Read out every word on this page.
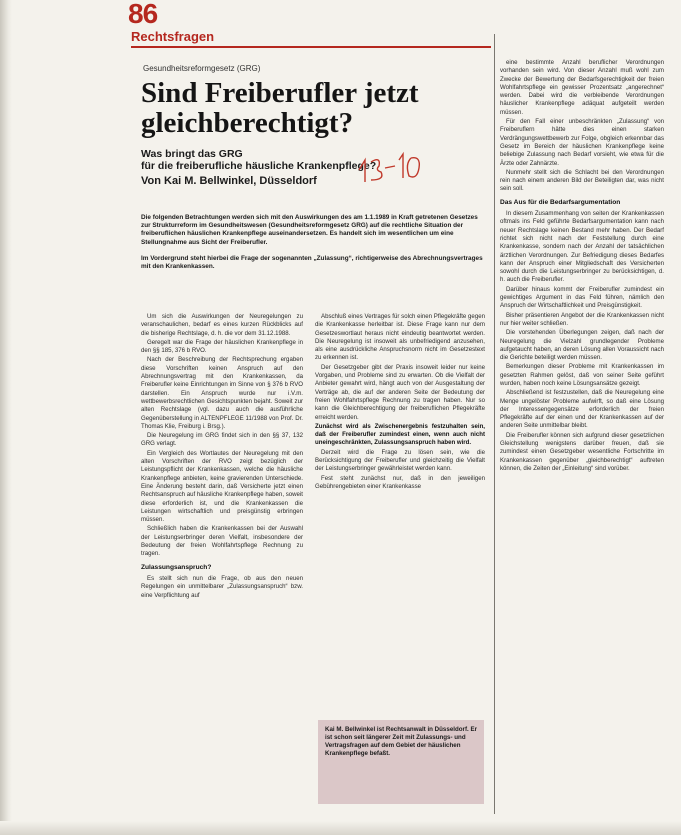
86
Rechtsfragen
Gesundheitsreformgesetz (GRG)
Sind Freiberufler jetzt gleichberechtigt?
Was bringt das GRG
für die freiberufliche häusliche Krankenpflege?
Von Kai M. Bellwinkel, Düsseldorf

Die folgenden Betrachtungen werden sich mit den Auswirkungen des am 1.1.1989 in Kraft getretenen Gesetzes zur Strukturreform im Gesundheitswesen (Gesundheitsreformgesetz GRG) auf die rechtliche Situation der freiberuflichen häuslichen Krankenpflege auseinandersetzen. Es handelt sich im wesentlichen um eine Stellungnahme aus Sicht der Freiberufler.

Im Vordergrund steht hierbei die Frage der sogenannten „Zulassung“, richtigerweise des Abrechnungsvertrages mit den Krankenkassen.

Um sich die Auswirkungen der Neuregelungen zu veranschaulichen, bedarf es eines kurzen Rückblicks auf die bisherige Rechtslage, d. h. die vor dem 31.12.1988.

Geregelt war die Frage der häuslichen Krankenpflege in den §§ 185, 376 b RVO.

Nach der Beschreibung der Rechtsprechung ergaben diese Vorschriften keinen Anspruch auf den Abrechnungsvertrag mit den Krankenkassen, da Freiberufler keine Einrichtungen im Sinne von § 376 b RVO darstellen. Ein Anspruch wurde nur i.V.m. wettbewerbsrechtlichen Gesichtspunkten bejaht. Soweit zur alten Rechtslage (vgl. dazu auch die ausführliche Gegenüberstellung in ALTENPFLEGE 11/1988 von Prof. Dr. Thomas Klie, Freiburg i. Brsg.).

Die Neuregelung im GRG findet sich in den §§ 37, 132 GRG verlagt.

Ein Vergleich des Wortlautes der Neuregelung mit den alten Vorschriften der RVO zeigt bezüglich der Leistungspflicht der Krankenkassen, welche die häusliche Krankenpflege anbieten, keine gravierenden Unterschiede. Eine Änderung besteht darin, daß Versicherte jetzt einen Rechtsanspruch auf häusliche Krankenpflege haben, soweit diese erforderlich ist, und die Krankenkassen die Leistungen wirtschaftlich und preisgünstig erbringen müssen.

Schließlich haben die Krankenkassen bei der Auswahl der Leistungserbringer deren Vielfalt, insbesondere der Bedeutung der freien Wohlfahrtspflege Rechnung zu tragen.

Zulassungsanspruch?

Es stellt sich nun die Frage, ob aus den neuen Regelungen ein unmittelbarer „Zulassungsanspruch“ bzw. eine Verpflichtung auf

Abschluß eines Vertrages für solch einen Pflegekräfte gegen die Krankenkasse herleitbar ist. Diese Frage kann nur dem Gesetzeswortlaut heraus nicht eindeutig beantwortet werden. Die Neuregelung ist insoweit als unbefriedigend anzusehen, als eine ausdrückliche Anspruchsnorm nicht im Gesetzestext zu erkennen ist.

Der Gesetzgeber gibt der Praxis insoweit leider nur keine Vorgaben, und Probleme sind zu erwarten. Ob die Vielfalt der Anbieter gewahrt wird, hängt auch von der Ausgestaltung der Verträge ab, die auf der anderen Seite der Bedeutung der freien Wohlfahrtspflege Rechnung zu tragen haben. Nur so kann die Gleichberechtigung der freiberuflichen Pflegekräfte erreicht werden.

Zunächst wird als Zwischenergebnis festzuhalten sein, daß der Freiberufler zumindest einen, wenn auch nicht uneingeschränkten, Zulassungsanspruch haben wird.

Derzeit wird die Frage zu lösen sein, wie die Berücksichtigung der Freiberufler und gleichzeitig die Vielfalt der Leistungserbringer gewährleistet werden kann.

Fest steht zunächst nur, daß in den jeweiligen Gebührengebieten einer Krankenkasse

Kai M. Bellwinkel ist Rechtsanwalt in Düsseldorf. Er ist schon seit längerer Zeit mit Zulassungs- und Vertragsfragen auf dem Gebiet der häuslichen Krankenpflege befaßt.

eine bestimmte Anzahl beruflicher Verordnungen vorhanden sein wird. Von dieser Anzahl muß wohl zum Zwecke der Bewertung der Bedarfsgerechtigkeit der freien Wohlfahrtspflege ein gewisser Prozentsatz „angerechnet“ werden. Dabei wird die verbleibende Verordnungen häuslicher Krankenpflege adäquat aufgeteilt werden müssen.

Für den Fall einer unbeschränkten „Zulassung“ von Freiberuflern hätte dies einen starken Verdrängungswettbewerb zur Folge, obgleich erkennbar das Gesetz im Bereich der häuslichen Krankenpflege keine beliebige Zulassung nach Bedarf vorsieht, wie etwa für die Ärzte oder Zahnärzte.

Nunmehr stellt sich die Schlacht bei den Verordnungen rein nach einem anderen Bild der Beteiligten dar, was nicht sein soll.

Das Aus für die Bedarfsargumentation

In diesem Zusammenhang von seiten der Krankenkassen oftmals ins Feld geführte Bedarfsargumentation kann nach neuer Rechtslage keinen Bestand mehr haben. Der Bedarf richtet sich nicht nach der Feststellung durch eine Krankenkasse, sondern nach der Anzahl der tatsächlichen ärztlichen Verordnungen. Zur Befriedigung dieses Bedarfes kann der Anspruch einer Mitgliedschaft des Versicherten sowohl durch die Leistungserbringer zu berücksichtigen, d. h. auch die Freiberufler.

Darüber hinaus kommt der Freiberufler zumindest ein gewichtiges Argument in das Feld führen, nämlich den Anspruch der Wirtschaftlichkeit und Preisgünstigkeit.

Bisher präsentieren Angebot der die Krankenkassen nicht nur hier weiter schließen.

Die vorstehenden Überlegungen zeigen, daß nach der Neuregelung die Vielzahl grundlegender Probleme aufgetaucht haben, an deren Lösung allen Voraussicht nach die Gerichte beteiligt werden müssen.

Bemerkungen dieser Probleme mit Krankenkassen im gesetzten Rahmen gelöst, daß von seiner Seite geführt wurden, haben noch keine Lösungsansätze gezeigt.

Abschließend ist festzustellen, daß die Neuregelung eine Menge ungelöster Probleme aufwirft, so daß eine Lösung der Interessengegensätze erforderlich der freien Pflegekräfte auf der einen und der Krankenkassen auf der anderen Seite unmittelbar bleibt.

Die Freiberufler können sich aufgrund dieser gesetzlichen Gleichstellung wenigstens darüber freuen, daß sie zumindest einen Gesetzgeber wesentliche Fortschritte im Krankenkassen gegenüber „gleichberechtigt“ auftreten können, die Zeiten der „Einleitung“ sind vorüber.
